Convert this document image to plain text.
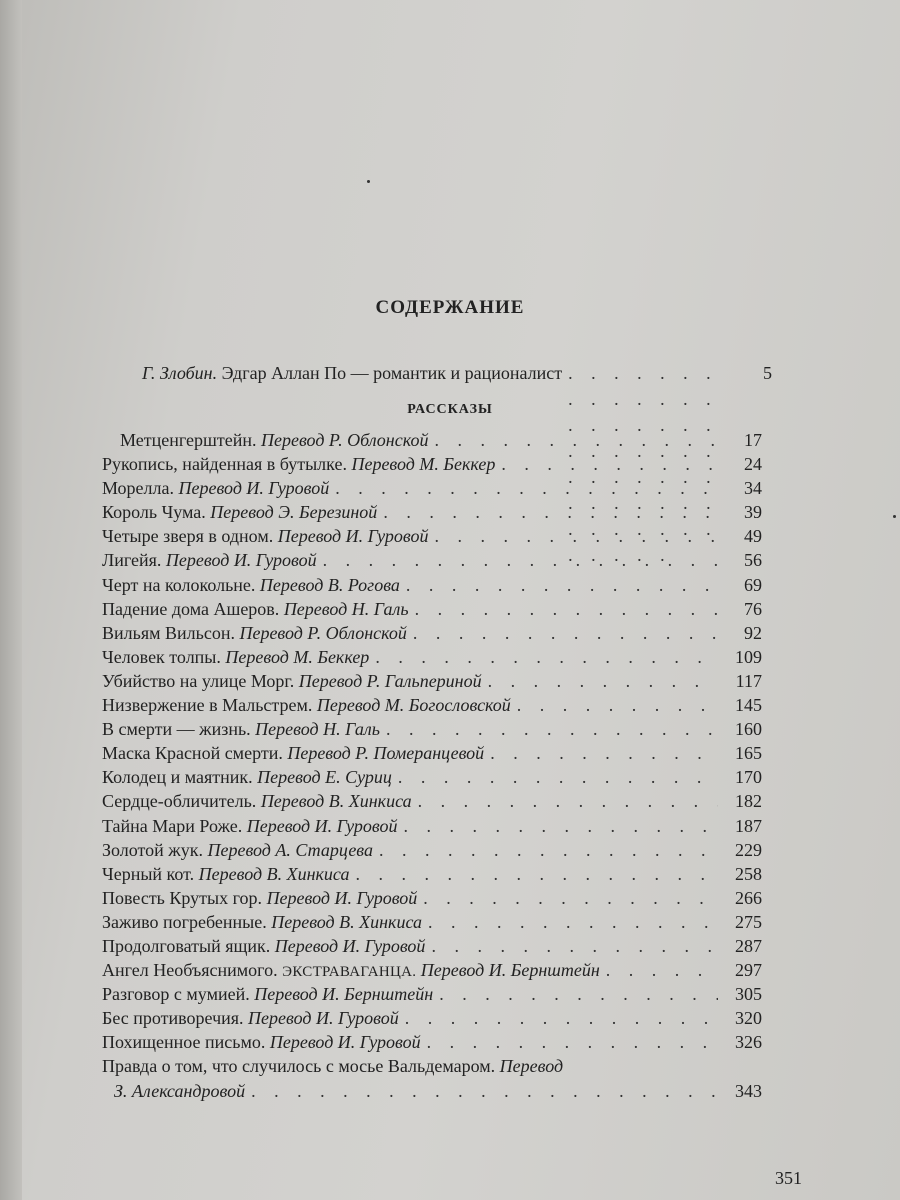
СОДЕРЖАНИЕ
Г. Злобин. Эдгар Аллан По — романтик и рационалист . . .	5
РАССКАЗЫ
Метценгерштейн. Перевод Р. Облонской . . .	17
Рукопись, найденная в бутылке. Перевод М. Беккер . . .	24
Морелла. Перевод И. Гуровой . . .	34
Король Чума. Перевод Э. Березиной . . .	39
Четыре зверя в одном. Перевод И. Гуровой . . .	49
Лигейя. Перевод И. Гуровой . . .	56
Черт на колокольне. Перевод В. Рогова . . .	69
Падение дома Ашеров. Перевод Н. Галь . . .	76
Вильям Вильсон. Перевод Р. Облонской . . .	92
Человек толпы. Перевод М. Беккер . . .	109
Убийство на улице Морг. Перевод Р. Гальпериной . . .	117
Низвержение в Мальстрем. Перевод М. Богословской . . .	145
В смерти — жизнь. Перевод Н. Галь . . .	160
Маска Красной смерти. Перевод Р. Померанцевой . . .	165
Колодец и маятник. Перевод Е. Суриц . . .	170
Сердце-обличитель. Перевод В. Хинкиса . . .	182
Тайна Мари Роже. Перевод И. Гуровой . . .	187
Золотой жук. Перевод А. Старцева . . .	229
Черный кот. Перевод В. Хинкиса . . .	258
Повесть Крутых гор. Перевод И. Гуровой . . .	266
Заживо погребенные. Перевод В. Хинкиса . . .	275
Продолговатый ящик. Перевод И. Гуровой . . .	287
Ангел Необъяснимого. ЭКСТРАВАГАНЦА. Перевод И. Бернштейн . . .	297
Разговор с мумией. Перевод И. Бернштейн . . .	305
Бес противоречия. Перевод И. Гуровой . . .	320
Похищенное письмо. Перевод И. Гуровой . . .	326
Правда о том, что случилось с мосье Вальдемаром. Перевод
З. Александровой . . .	343
351
